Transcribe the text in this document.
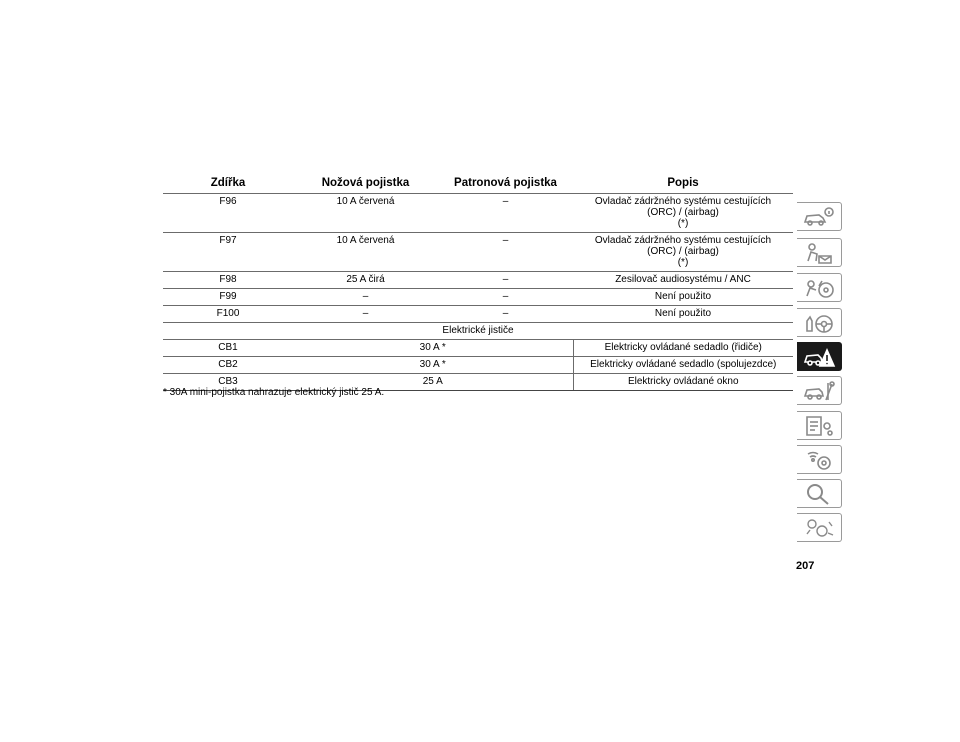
Zdířka	Nožová pojistka	Patronová pojistka	Popis
F96	10 A červená	–	Ovladač zádržného systému cestujících
(ORC) / (airbag)
(*)

F97	10 A červená	–	Ovladač zádržného systému cestujících
(ORC) / (airbag)
(*)

F98	25 A čirá	–	Zesilovač audiosystému / ANC
F99	–	–	Není použito
F100	–	–	Není použito
Elektrické jističe			
CB1	30 A *		Elektricky ovládané sedadlo (řidiče)
CB2	30 A *		Elektricky ovládané sedadlo (spolujezdce)
CB3	25 A		Elektricky ovládané okno
* 30A mini-pojistka nahrazuje elektrický jistič 25 A.
207
